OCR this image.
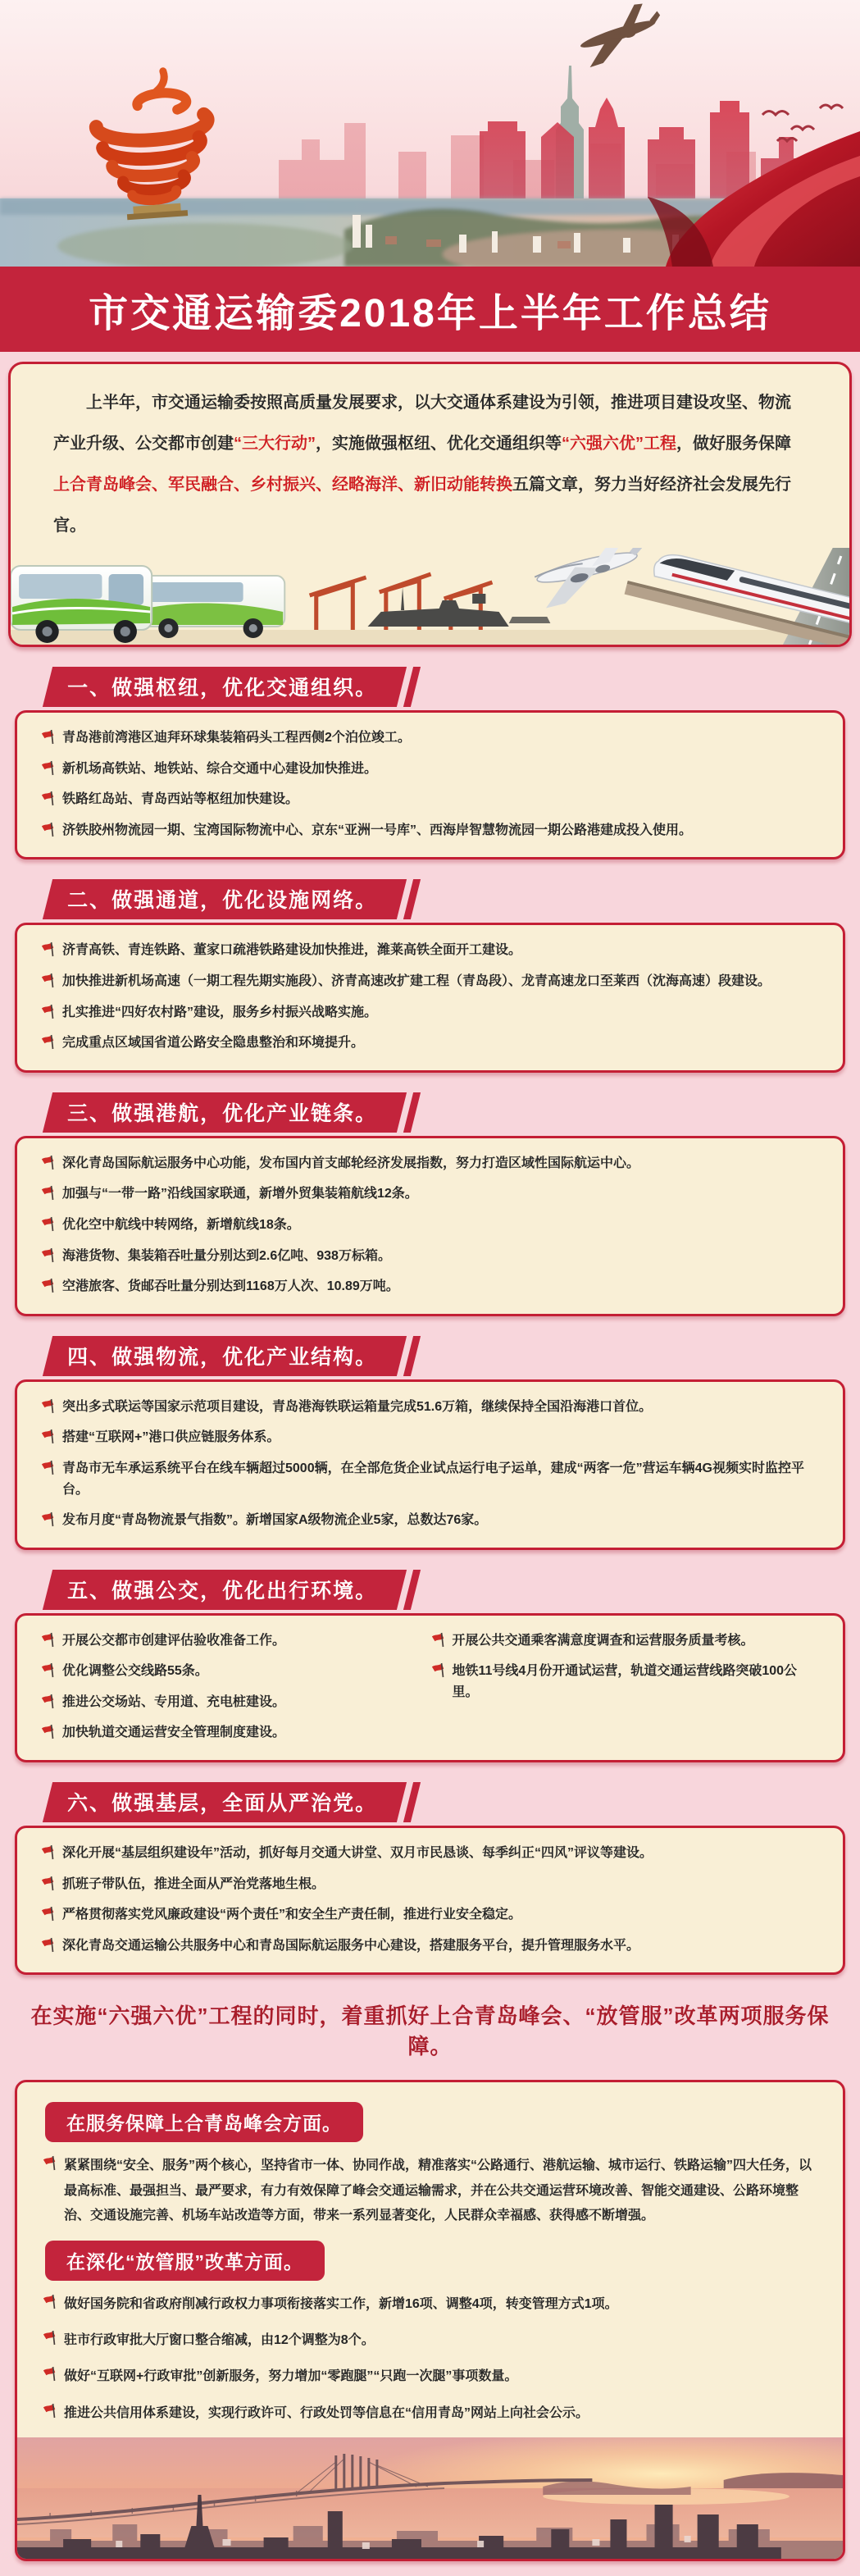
市交通运输委2018年上半年工作总结

上半年，市交通运输委按照高质量发展要求，以大交通体系建设为引领，推进项目建设攻坚、物流产业升级、公交都市创建“三大行动”，实施做强枢纽、优化交通组织等“六强六优”工程，做好服务保障上合青岛峰会、军民融合、乡村振兴、经略海洋、新旧动能转换五篇文章，努力当好经济社会发展先行官。

一、做强枢纽，优化交通组织。
青岛港前湾港区迪拜环球集装箱码头工程西侧2个泊位竣工。
新机场高铁站、地铁站、综合交通中心建设加快推进。
铁路红岛站、青岛西站等枢纽加快建设。
济铁胶州物流园一期、宝湾国际物流中心、京东“亚洲一号库”、西海岸智慧物流园一期公路港建成投入使用。
二、做强通道，优化设施网络。
济青高铁、青连铁路、董家口疏港铁路建设加快推进，潍莱高铁全面开工建设。
加快推进新机场高速（一期工程先期实施段）、济青高速改扩建工程（青岛段）、龙青高速龙口至莱西（沈海高速）段建设。
扎实推进“四好农村路”建设，服务乡村振兴战略实施。
完成重点区域国省道公路安全隐患整治和环境提升。
三、做强港航，优化产业链条。
深化青岛国际航运服务中心功能，发布国内首支邮轮经济发展指数，努力打造区域性国际航运中心。
加强与“一带一路”沿线国家联通，新增外贸集装箱航线12条。
优化空中航线中转网络，新增航线18条。
海港货物、集装箱吞吐量分别达到2.6亿吨、938万标箱。
空港旅客、货邮吞吐量分别达到1168万人次、10.89万吨。
四、做强物流，优化产业结构。
突出多式联运等国家示范项目建设，青岛港海铁联运箱量完成51.6万箱，继续保持全国沿海港口首位。
搭建“互联网+”港口供应链服务体系。
青岛市无车承运系统平台在线车辆超过5000辆，在全部危货企业试点运行电子运单，建成“两客一危”营运车辆4G视频实时监控平台。
发布月度“青岛物流景气指数”。新增国家A级物流企业5家，总数达76家。
五、做强公交，优化出行环境。
开展公交都市创建评估验收准备工作。
优化调整公交线路55条。
推进公交场站、专用道、充电桩建设。
加快轨道交通运营安全管理制度建设。
开展公共交通乘客满意度调查和运营服务质量考核。
地铁11号线4月份开通试运营，轨道交通运营线路突破100公里。
六、做强基层，全面从严治党。
深化开展“基层组织建设年”活动，抓好每月交通大讲堂、双月市民恳谈、每季纠正“四风”评议等建设。
抓班子带队伍，推进全面从严治党落地生根。
严格贯彻落实党风廉政建设“两个责任”和安全生产责任制，推进行业安全稳定。
深化青岛交通运输公共服务中心和青岛国际航运服务中心建设，搭建服务平台，提升管理服务水平。

在实施“六强六优”工程的同时，着重抓好上合青岛峰会、“放管服”改革两项服务保障。

在服务保障上合青岛峰会方面。
紧紧围绕“安全、服务”两个核心，坚持省市一体、协同作战，精准落实“公路通行、港航运输、城市运行、铁路运输”四大任务，以最高标准、最强担当、最严要求，有力有效保障了峰会交通运输需求，并在公共交通运营环境改善、智能交通建设、公路环境整治、交通设施完善、机场车站改造等方面，带来一系列显著变化，人民群众幸福感、获得感不断增强。
在深化“放管服”改革方面。
做好国务院和省政府削减行政权力事项衔接落实工作，新增16项、调整4项，转变管理方式1项。
驻市行政审批大厅窗口整合缩减，由12个调整为8个。
做好“互联网+行政审批”创新服务，努力增加“零跑腿”“只跑一次腿”事项数量。
推进公共信用体系建设，实现行政许可、行政处罚等信息在“信用青岛”网站上向社会公示。
